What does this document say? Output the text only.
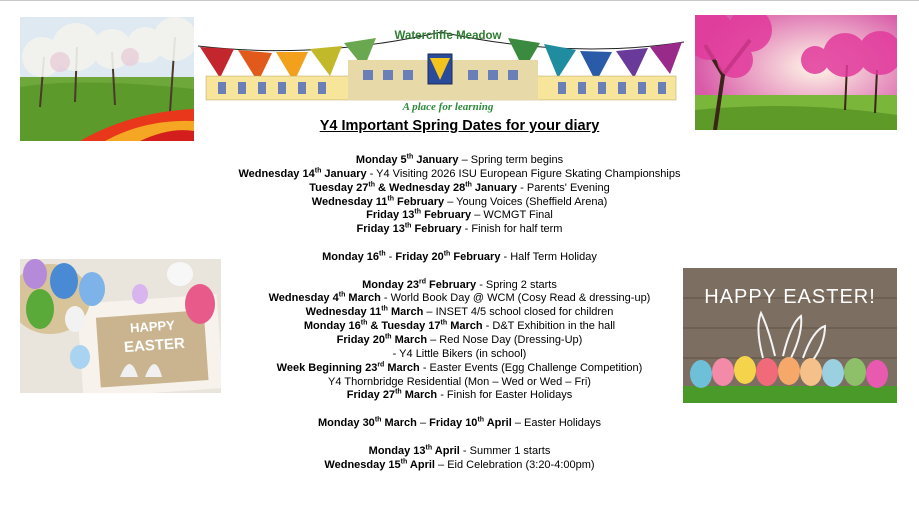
Watercliffe Meadow
A place for learning
Y4 Important Spring Dates for your diary
Monday 5th January – Spring term begins
Wednesday 14th January - Y4 Visiting 2026 ISU European Figure Skating Championships
Tuesday 27th & Wednesday 28th January - Parents' Evening
Wednesday 11th February – Young Voices (Sheffield Arena)
Friday 13th February – WCMGT Final
Friday 13th February - Finish for half term
Monday 16th - Friday 20th February - Half Term Holiday
Monday 23rd February - Spring 2 starts
Wednesday 4th March - World Book Day @ WCM (Cosy Read & dressing-up)
Wednesday 11th March – INSET 4/5 school closed for children
Monday 16th & Tuesday 17th March - D&T Exhibition in the hall
Friday 20th March – Red Nose Day (Dressing-Up)
- Y4 Little Bikers (in school)
Week Beginning 23rd March - Easter Events (Egg Challenge Competition)
Y4 Thornbridge Residential (Mon – Wed or Wed – Fri)
Friday 27th March - Finish for Easter Holidays
Monday 30th March – Friday 10th April – Easter Holidays
Monday 13th April - Summer 1 starts
Wednesday 15th April – Eid Celebration (3:20-4:00pm)
HAPPY
EASTER
HAPPY EASTER!
